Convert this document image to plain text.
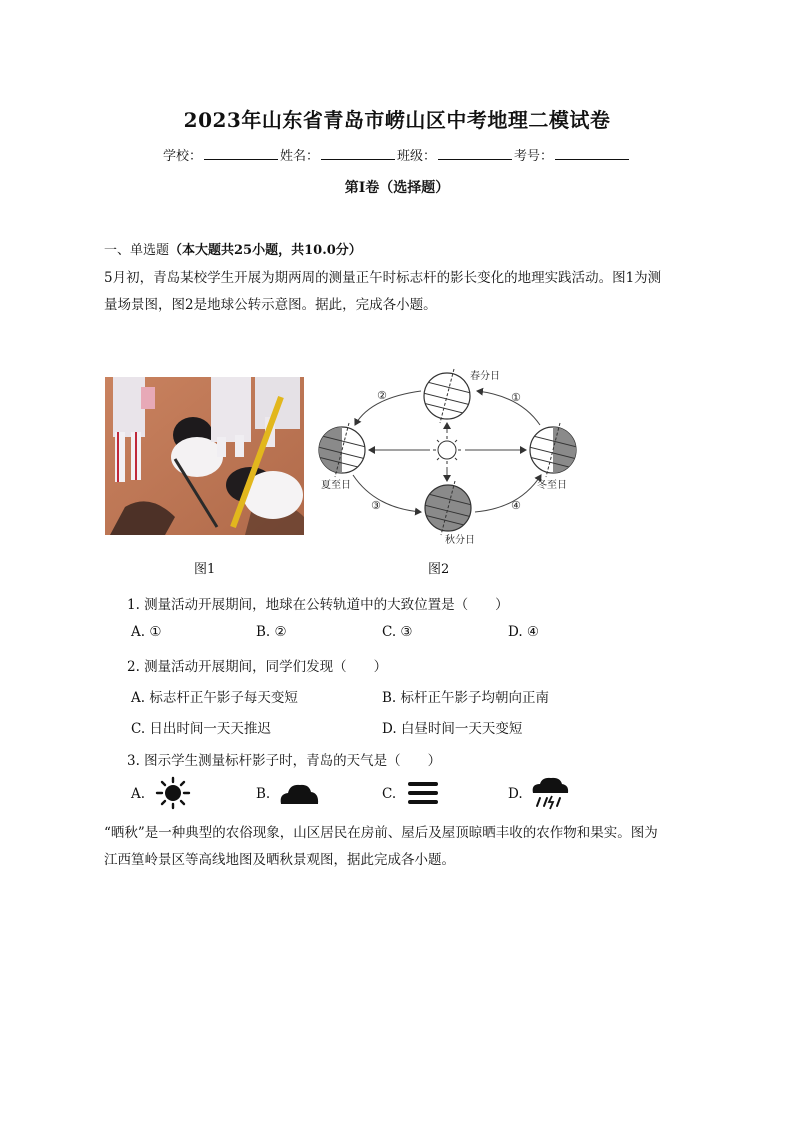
2023年山东省青岛市崂山区中考地理二模试卷
学校：	姓名：	班级：	考号：
第I卷（选择题）
一、单选题（本大题共25小题，共10.0分）
5月初，青岛某校学生开展为期两周的测量正午时标志杆的影长变化的地理实践活动。图1为测
量场景图，图2是地球公转示意图。据此，完成各小题。
春分日
夏至日	冬至日
秋分日
②	①
③	④
图1	图2
1. 测量活动开展期间，地球在公转轨道中的大致位置是（　　）
A. ①	B. ②	C. ③	D. ④
2. 测量活动开展期间，同学们发现（　　）
A. 标志杆正午影子每天变短	B. 标杆正午影子均朝向正南
C. 日出时间一天天推迟	D. 白昼时间一天天变短
3. 图示学生测量标杆影子时，青岛的天气是（　　）
A.	B.	C.	D.
“晒秋”是一种典型的农俗现象，山区居民在房前、屋后及屋顶晾晒丰收的农作物和果实。图为
江西篁岭景区等高线地图及晒秋景观图，据此完成各小题。
